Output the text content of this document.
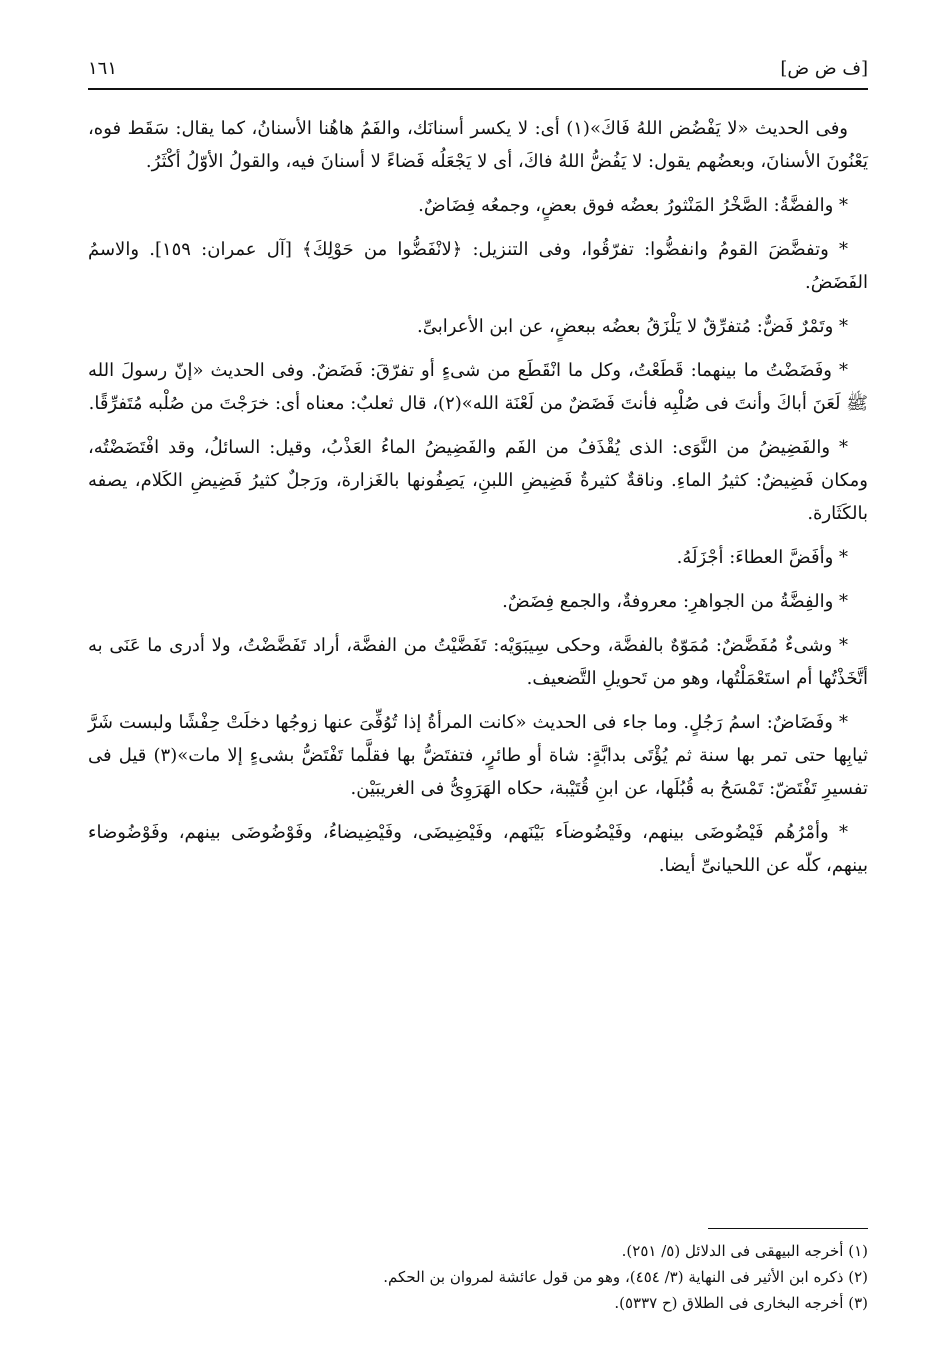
[ف ض ض]
١٦١

وفى الحديث «لا يَفْضُض اللهُ فَاكَ»(١) أى: لا يكسر أسنانَك، والفَمُ هاهُنا الأسنانُ، كما يقال: سَقَط فوه، يَعْنُونَ الأسنانَ، وبعضُهم يقول: لا يَفُضُّ اللهُ فاكَ، أى لا يَجْعَلُه فَضاءً لا أسنانَ فيه، والقولُ الأوّلُ أكْثَرُ.

* والفضَّةُ: الصَّخْرُ المَنْثورُ بعضُه فوق بعضٍ، وجمعُه فِضَاضٌ.

* وتفضَّضَ القومُ وانفضُّوا: تفرّقُوا، وفى التنزيل: ﴿لانْفَضُّوا من حَوْلِكَ﴾ [آل عمران: ١٥٩]. والاسمُ الفَضَضُ.

* وتَمْرٌ فَضٌّ: مُتفرِّقٌ لا يَلْزَقُ بعضُه ببعضٍ، عن ابن الأعرابىِّ.

* وفَضَضْتُ ما بينهما: قَطَعْتُ، وكل ما انْقَطَع من شىءٍ أو تفرّقَ: فَضَضٌ. وفى الحديث «إنّ رسولَ الله ﷺ لَعَنَ أباكَ وأنتَ فى صُلْبِه فأنتَ فَضَضٌ من لَعْنَة الله»(٢)، قال ثعلبٌ: معناه أى: خرَجْتَ من صُلْبه مُتَفرِّقًا.

* والفَضِيضُ من النَّوَى: الذى يُقْذَفُ من الفَم والفَضِيضُ الماءُ العَذْبُ، وقيل: السائلُ، وقد افْتَضَضْتُه، ومكان فَضِيضٌ: كثيرُ الماءِ. وناقةٌ كثيرةُ فَضِيضِ اللبنِ، يَصِفُونها بالغَزارة، ورَجلٌ كثيرُ فَضِيضِ الكَلام، يصفه بالكَثَارة.

* وأفَضَّ العطاءَ: أجْزَلَهُ.

* والفِضَّةُ من الجواهرِ: معروفةٌ، والجمع فِضَضٌ.

* وشىءٌ مُفَضَّضٌ: مُمَوّهٌ بالفضَّة، وحكى سِيبَوَيْه: تَفَضَّيْتُ من الفضَّة، أراد تَفَضَّضْتُ، ولا أدرى ما عَنَى به أتَّخَذْتُها أم استَعْمَلْتُها، وهو من تَحويلِ التَّضعيف.

* وفَضَاضٌ: اسمُ رَجُلٍ. وما جاء فى الحديث «كانت المرأةُ إذا تُوُفِّىَ عنها زوجُها دخلَتْ حِفْشًا ولبست شَرَّ ثيابِها حتى تمر بها سنة ثم يُؤْتَى بدابَّةٍ: شاة أو طائرٍ، فتفتَضُّ بها فقلَّما تَفْتَضُّ بشىءٍ إلا مات»(٣) قيل فى تفسيرِ تَفْتَضّ: تَمْسَحُ به قُبُلَها، عن ابنِ قُتَيْبة، حكاه الهَرَوِىُّ فى الغريبَيْن.

* وأمْرُهُم فَيْضُوضَى بينهم، وفَيْضُوضاَء بَيْنَهم، وفَيْضِيضَى، وفَيْضِيضاءُ، وفَوْضُوضَى بينهم، وفَوْضُوضاء بينهم، كلّه عن اللحيانىِّ أيضا.

(١) أخرجه البيهقى فى الدلائل (٥/ ٢٥١).
(٢) ذكره ابن الأثير فى النهاية (٣/ ٤٥٤)، وهو من قول عائشة لمروان بن الحكم.
(٣) أخرجه البخارى فى الطلاق (ح ٥٣٣٧).
